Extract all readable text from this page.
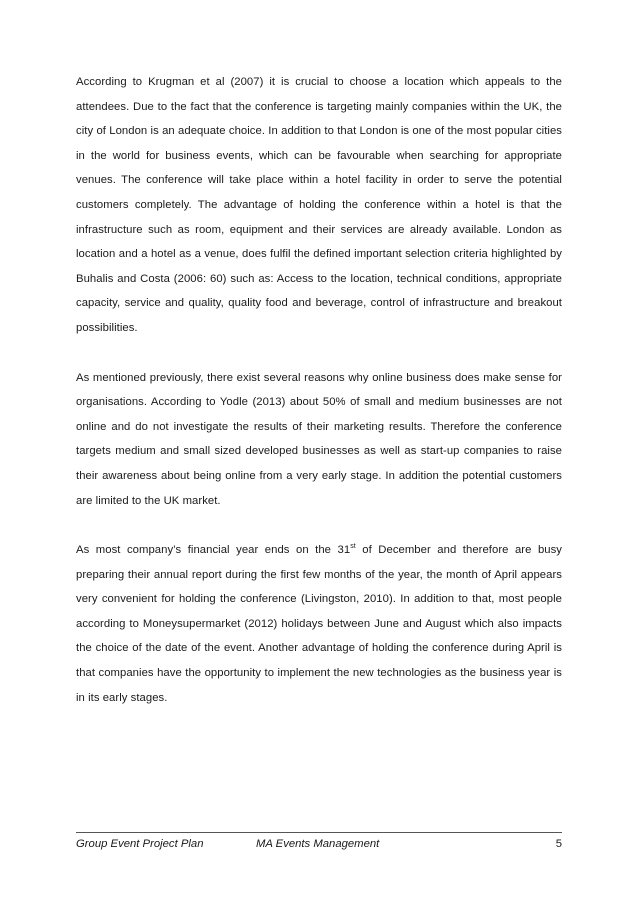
According to Krugman et al (2007) it is crucial to choose a location which appeals to the attendees. Due to the fact that the conference is targeting mainly companies within the UK, the city of London is an adequate choice. In addition to that London is one of the most popular cities in the world for business events, which can be favourable when searching for appropriate venues. The conference will take place within a hotel facility in order to serve the potential customers completely. The advantage of holding the conference within a hotel is that the infrastructure such as room, equipment and their services are already available. London as location and a hotel as a venue, does fulfil the defined important selection criteria highlighted by Buhalis and Costa (2006: 60) such as: Access to the location, technical conditions, appropriate capacity, service and quality, quality food and beverage, control of infrastructure and breakout possibilities.

As mentioned previously, there exist several reasons why online business does make sense for organisations. According to Yodle (2013) about 50% of small and medium businesses are not online and do not investigate the results of their marketing results. Therefore the conference targets medium and small sized developed businesses as well as start-up companies to raise their awareness about being online from a very early stage. In addition the potential customers are limited to the UK market.

As most company’s financial year ends on the 31st of December and therefore are busy preparing their annual report during the first few months of the year, the month of April appears very convenient for holding the conference (Livingston, 2010). In addition to that, most people according to Moneysupermarket (2012) holidays between June and August which also impacts the choice of the date of the event. Another advantage of holding the conference during April is that companies have the opportunity to implement the new technologies as the business year is in its early stages.

Group Event Project Plan	MA Events Management	5
